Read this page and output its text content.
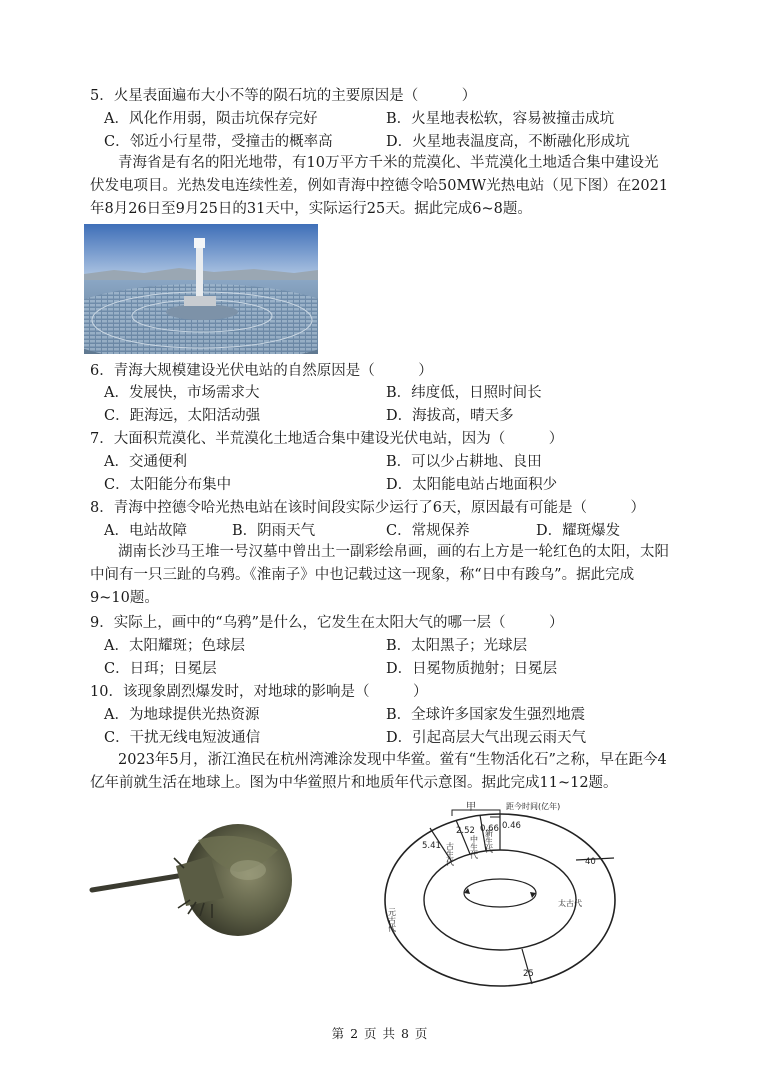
5．火星表面遍布大小不等的陨石坑的主要原因是（　　　）
A．风化作用弱，陨击坑保存完好	B．火星地表松软，容易被撞击成坑
C．邻近小行星带，受撞击的概率高	D．火星地表温度高，不断融化形成坑
青海省是有名的阳光地带，有10万平方千米的荒漠化、半荒漠化土地适合集中建设光伏发电项目。光热发电连续性差，例如青海中控德令哈50MW光热电站（见下图）在2021年8月26日至9月25日的31天中，实际运行25天。据此完成6~8题。
6．青海大规模建设光伏电站的自然原因是（　　　）
A．发展快，市场需求大	B．纬度低，日照时间长
C．距海远，太阳活动强	D．海拔高，晴天多
7．大面积荒漠化、半荒漠化土地适合集中建设光伏电站，因为（　　　）
A．交通便利	B．可以少占耕地、良田
C．太阳能分布集中	D．太阳能电站占地面积少
8．青海中控德令哈光热电站在该时间段实际少运行了6天，原因最有可能是（　　　）
A．电站故障	B．阴雨天气	C．常规保养	D．耀斑爆发
湖南长沙马王堆一号汉墓中曾出土一副彩绘帛画，画的右上方是一轮红色的太阳，太阳中间有一只三趾的乌鸦。《淮南子》中也记载过这一现象，称“日中有踆乌”。据此完成9~10题。
9．实际上，画中的“乌鸦”是什么，它发生在太阳大气的哪一层（　　　）
A．太阳耀斑；色球层	B．太阳黑子；光球层
C．日珥；日冕层	D．日冕物质抛射；日冕层
10．该现象剧烈爆发时，对地球的影响是（　　　）
A．为地球提供光热资源	B．全球许多国家发生强烈地震
C．干扰无线电短波通信	D．引起高层大气出现云雨天气
2023年5月，浙江渔民在杭州湾滩涂发现中华鲎。鲎有“生物活化石”之称，早在距今4亿年前就生活在地球上。图为中华鲎照片和地质年代示意图。据此完成11~12题。
甲	距今时间(亿年)
0.46
0.66
2.52
5.41
40
25
新生代
中生代
古生代
太古代
元古代
第 2 页 共 8 页
